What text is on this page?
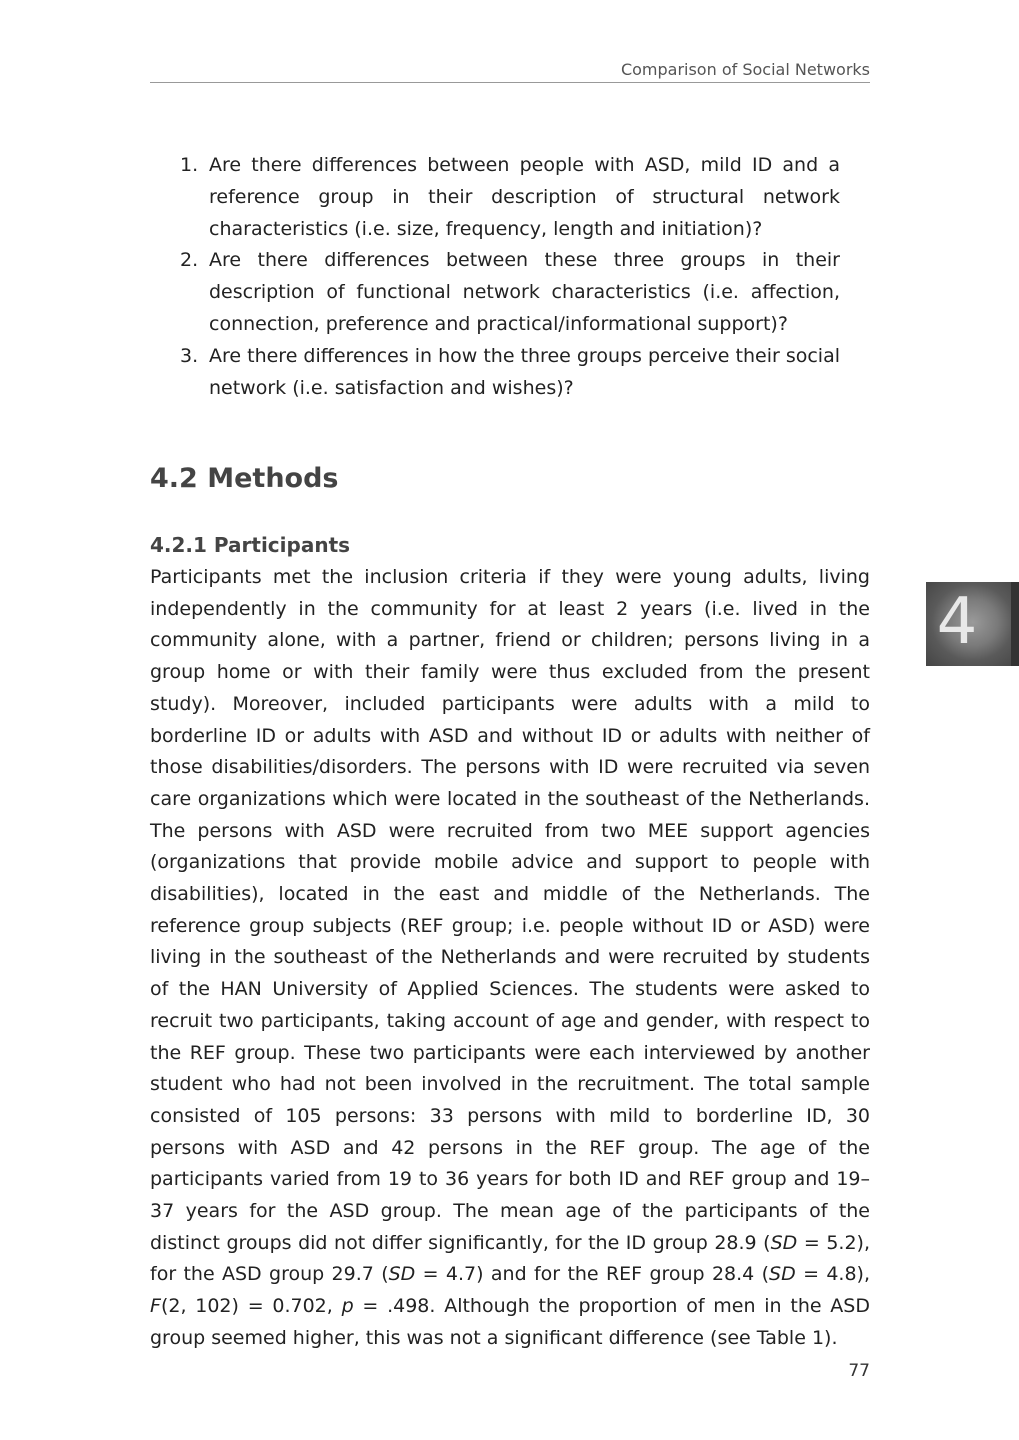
Comparison of Social Networks
1. Are there differences between people with ASD, mild ID and a reference group in their description of structural network characteristics (i.e. size, frequency, length and initiation)?
2. Are there differences between these three groups in their description of functional network characteristics (i.e. affection, connection, preference and practical/informational support)?
3. Are there differences in how the three groups perceive their social network (i.e. satisfaction and wishes)?
4.2 Methods
4.2.1 Participants

Participants met the inclusion criteria if they were young adults, living independently in the community for at least 2 years (i.e. lived in the community alone, with a partner, friend or children; persons living in a group home or with their family were thus excluded from the present study). Moreover, included participants were adults with a mild to borderline ID or adults with ASD and without ID or adults with neither of those disabilities/disorders. The persons with ID were recruited via seven care organizations which were located in the southeast of the Netherlands. The persons with ASD were recruited from two MEE support agencies (organizations that provide mobile advice and support to people with disabilities), located in the east and middle of the Netherlands. The reference group subjects (REF group; i.e. people without ID or ASD) were living in the southeast of the Netherlands and were recruited by students of the HAN University of Applied Sciences. The students were asked to recruit two participants, taking account of age and gender, with respect to the REF group. These two participants were each interviewed by another student who had not been involved in the recruitment. The total sample consisted of 105 persons: 33 persons with mild to borderline ID, 30 persons with ASD and 42 persons in the REF group. The age of the participants varied from 19 to 36 years for both ID and REF group and 19–37 years for the ASD group. The mean age of the participants of the distinct groups did not differ significantly, for the ID group 28.9 (SD = 5.2), for the ASD group 29.7 (SD = 4.7) and for the REF group 28.4 (SD = 4.8), F(2, 102) = 0.702, p = .498. Although the proportion of men in the ASD group seemed higher, this was not a significant difference (see Table 1).

4
77
